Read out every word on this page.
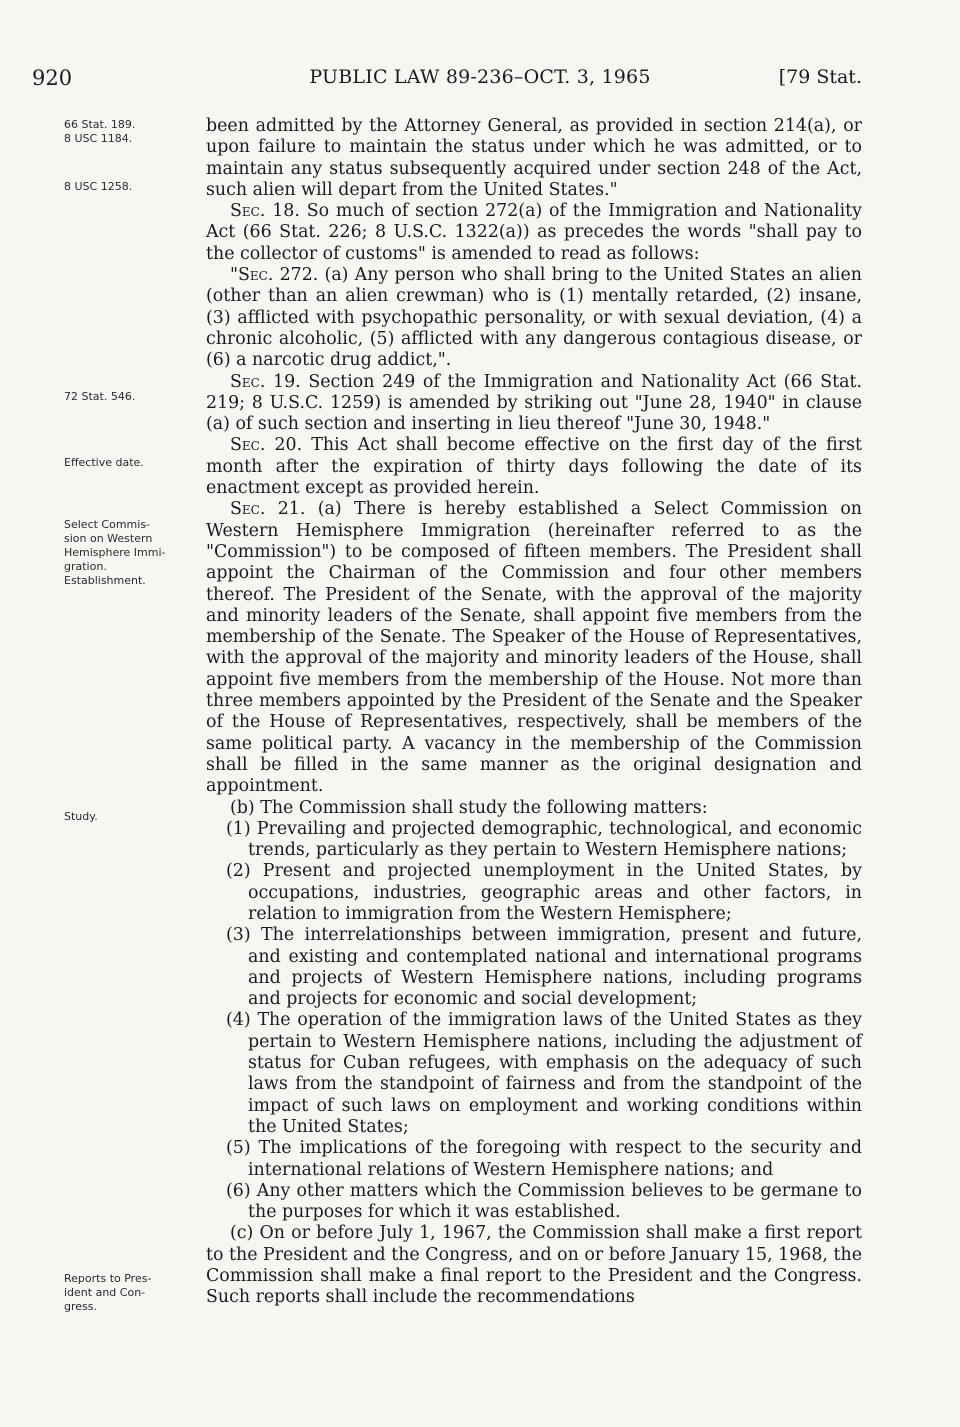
920	PUBLIC LAW 89-236–OCT. 3, 1965	[79 Stat.
66 Stat. 189.
8 USC 1184.
8 USC 1258.
72 Stat. 546.
Effective date.
Select Commis-
sion on Western
Hemisphere Immi-
gration.
Establishment.
Study.
Reports to Pres-
ident and Con-
gress.

been admitted by the Attorney General, as provided in section 214(a), or upon failure to maintain the status under which he was admitted, or to maintain any status subsequently acquired under section 248 of the Act, such alien will depart from the United States."

Sec. 18. So much of section 272(a) of the Immigration and Nationality Act (66 Stat. 226; 8 U.S.C. 1322(a)) as precedes the words "shall pay to the collector of customs" is amended to read as follows:

"Sec. 272. (a) Any person who shall bring to the United States an alien (other than an alien crewman) who is (1) mentally retarded, (2) insane, (3) afflicted with psychopathic personality, or with sexual deviation, (4) a chronic alcoholic, (5) afflicted with any dangerous contagious disease, or (6) a narcotic drug addict,".

Sec. 19. Section 249 of the Immigration and Nationality Act (66 Stat. 219; 8 U.S.C. 1259) is amended by striking out "June 28, 1940" in clause (a) of such section and inserting in lieu thereof "June 30, 1948."

Sec. 20. This Act shall become effective on the first day of the first month after the expiration of thirty days following the date of its enactment except as provided herein.

Sec. 21. (a) There is hereby established a Select Commission on Western Hemisphere Immigration (hereinafter referred to as the "Commission") to be composed of fifteen members. The President shall appoint the Chairman of the Commission and four other members thereof. The President of the Senate, with the approval of the majority and minority leaders of the Senate, shall appoint five members from the membership of the Senate. The Speaker of the House of Representatives, with the approval of the majority and minority leaders of the House, shall appoint five members from the membership of the House. Not more than three members appointed by the President of the Senate and the Speaker of the House of Representatives, respectively, shall be members of the same political party. A vacancy in the membership of the Commission shall be filled in the same manner as the original designation and appointment.

(b) The Commission shall study the following matters:

(1) Prevailing and projected demographic, technological, and economic trends, particularly as they pertain to Western Hemisphere nations;

(2) Present and projected unemployment in the United States, by occupations, industries, geographic areas and other factors, in relation to immigration from the Western Hemisphere;

(3) The interrelationships between immigration, present and future, and existing and contemplated national and international programs and projects of Western Hemisphere nations, including programs and projects for economic and social development;

(4) The operation of the immigration laws of the United States as they pertain to Western Hemisphere nations, including the adjustment of status for Cuban refugees, with emphasis on the adequacy of such laws from the standpoint of fairness and from the standpoint of the impact of such laws on employment and working conditions within the United States;

(5) The implications of the foregoing with respect to the security and international relations of Western Hemisphere nations; and

(6) Any other matters which the Commission believes to be germane to the purposes for which it was established.

(c) On or before July 1, 1967, the Commission shall make a first report to the President and the Congress, and on or before January 15, 1968, the Commission shall make a final report to the President and the Congress. Such reports shall include the recommendations
